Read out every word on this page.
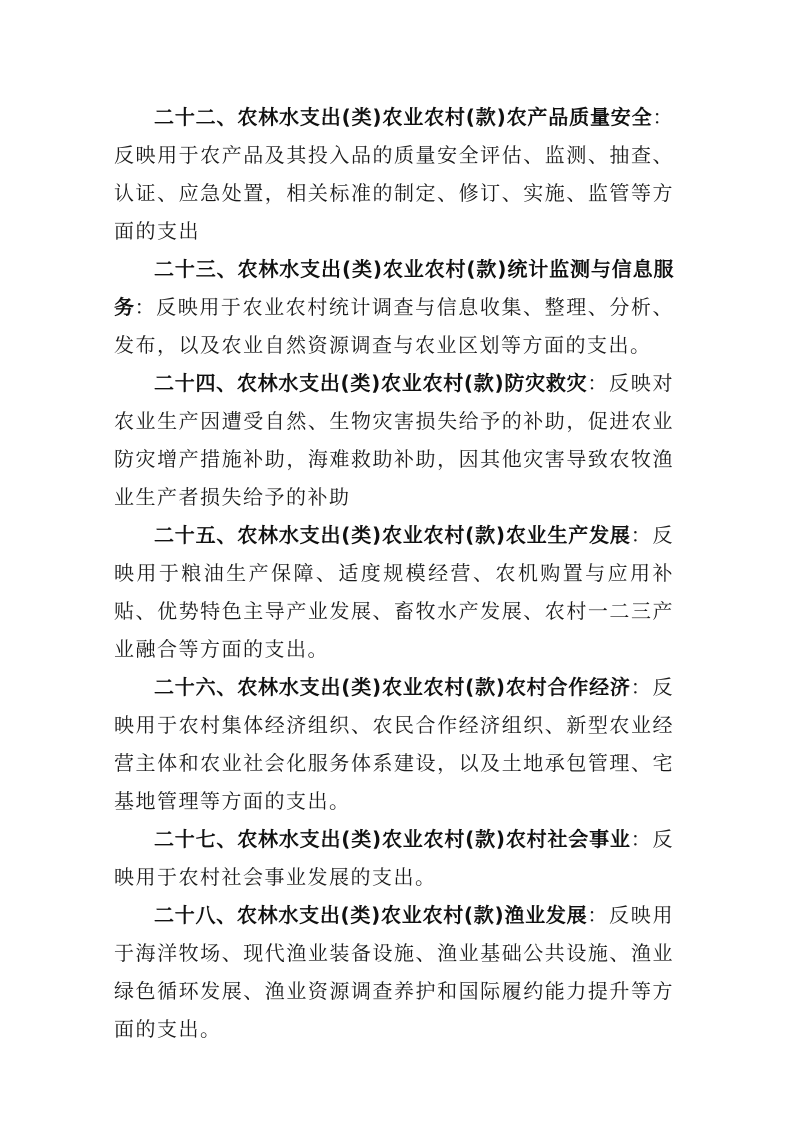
二十二、农林水支出(类)农业农村(款)农产品质量安全：反映用于农产品及其投入品的质量安全评估、监测、抽查、认证、应急处置，相关标准的制定、修订、实施、监管等方面的支出

二十三、农林水支出(类)农业农村(款)统计监测与信息服务：反映用于农业农村统计调查与信息收集、整理、分析、发布，以及农业自然资源调查与农业区划等方面的支出。

二十四、农林水支出(类)农业农村(款)防灾救灾：反映对农业生产因遭受自然、生物灾害损失给予的补助，促进农业防灾增产措施补助，海难救助补助，因其他灾害导致农牧渔业生产者损失给予的补助

二十五、农林水支出(类)农业农村(款)农业生产发展：反映用于粮油生产保障、适度规模经营、农机购置与应用补贴、优势特色主导产业发展、畜牧水产发展、农村一二三产业融合等方面的支出。

二十六、农林水支出(类)农业农村(款)农村合作经济：反映用于农村集体经济组织、农民合作经济组织、新型农业经营主体和农业社会化服务体系建设，以及土地承包管理、宅基地管理等方面的支出。

二十七、农林水支出(类)农业农村(款)农村社会事业：反映用于农村社会事业发展的支出。

二十八、农林水支出(类)农业农村(款)渔业发展：反映用于海洋牧场、现代渔业装备设施、渔业基础公共设施、渔业绿色循环发展、渔业资源调查养护和国际履约能力提升等方面的支出。
